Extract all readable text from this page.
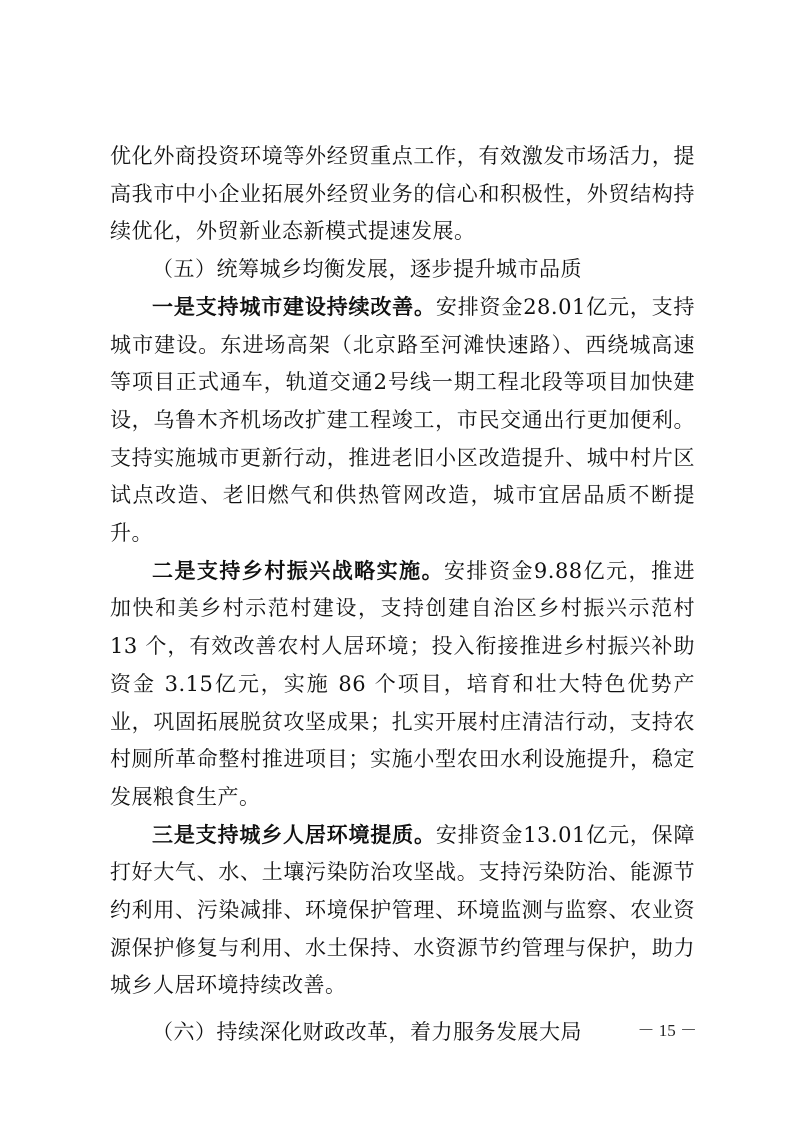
优化外商投资环境等外经贸重点工作，有效激发市场活力，提高我市中小企业拓展外经贸业务的信心和积极性，外贸结构持续优化，外贸新业态新模式提速发展。

（五）统筹城乡均衡发展，逐步提升城市品质

一是支持城市建设持续改善。安排资金28.01亿元，支持城市建设。东进场高架（北京路至河滩快速路）、西绕城高速等项目正式通车，轨道交通2号线一期工程北段等项目加快建设，乌鲁木齐机场改扩建工程竣工，市民交通出行更加便利。支持实施城市更新行动，推进老旧小区改造提升、城中村片区试点改造、老旧燃气和供热管网改造，城市宜居品质不断提升。

二是支持乡村振兴战略实施。安排资金9.88亿元，推进加快和美乡村示范村建设，支持创建自治区乡村振兴示范村 13 个，有效改善农村人居环境；投入衔接推进乡村振兴补助资金 3.15亿元，实施 86 个项目，培育和壮大特色优势产业，巩固拓展脱贫攻坚成果；扎实开展村庄清洁行动，支持农村厕所革命整村推进项目；实施小型农田水利设施提升，稳定发展粮食生产。

三是支持城乡人居环境提质。安排资金13.01亿元，保障打好大气、水、土壤污染防治攻坚战。支持污染防治、能源节约利用、污染减排、环境保护管理、环境监测与监察、农业资源保护修复与利用、水土保持、水资源节约管理与保护，助力城乡人居环境持续改善。

（六）持续深化财政改革，着力服务发展大局	－ 15 －
